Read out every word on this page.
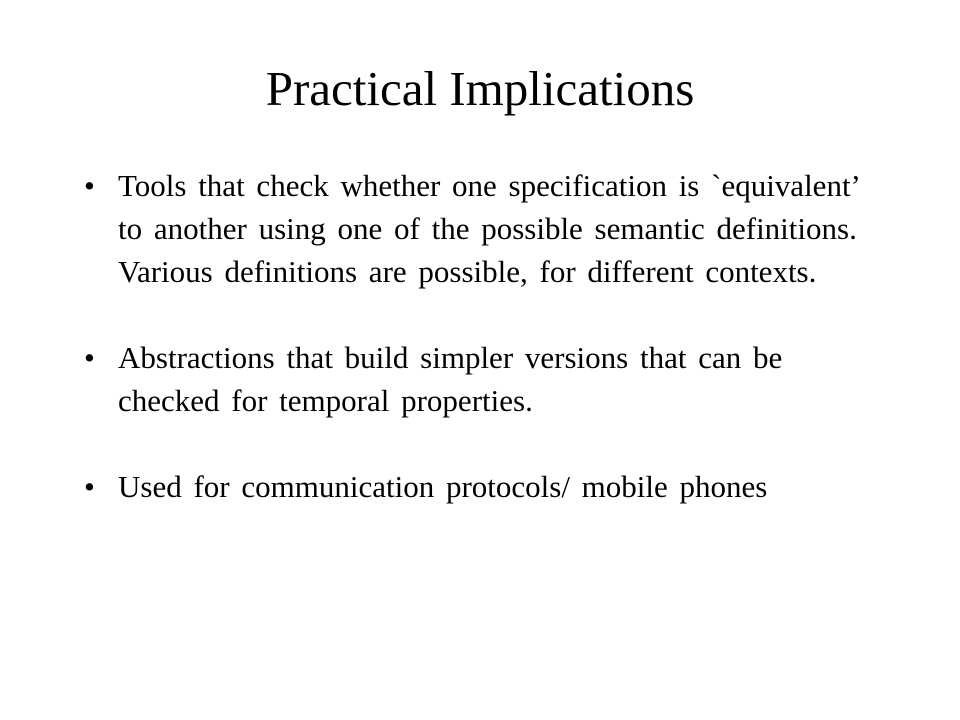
Practical Implications
• Tools that check whether one specification is `equivalent’ to another using one of the possible semantic definitions. Various definitions are possible, for different contexts.
• Abstractions that build simpler versions that can be checked for temporal properties.
• Used for communication protocols/ mobile phones
